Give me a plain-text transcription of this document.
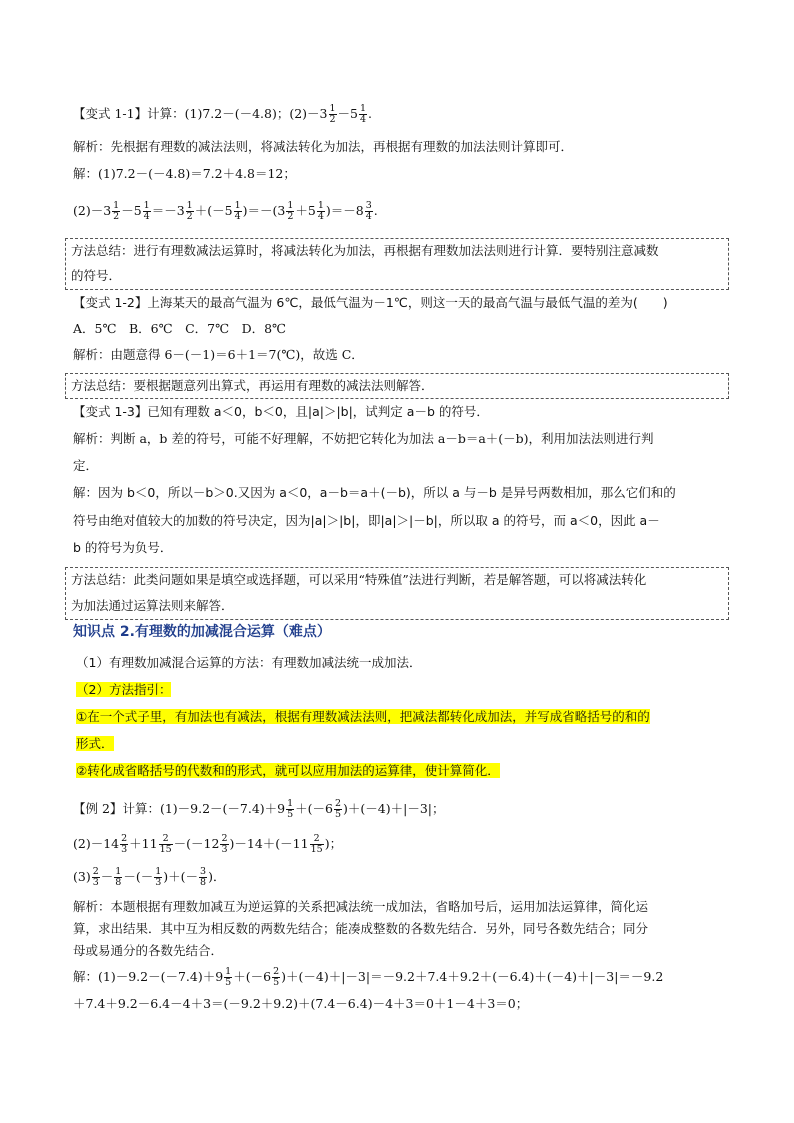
【变式 1-1】计算：(1)7.2－(－4.8)；$(2)-3 \frac{1}{2} -5 \frac{1}{4}$ .
解析：先根据有理数的减法法则，将减法转化为加法，再根据有理数的加法法则计算即可．
解：(1)7.2－(－4.8)＝7.2＋4.8＝12；
$(2)-3 \frac{1}{2} -5 \frac{1}{4} =-3 \frac{1}{2} +(-5 \frac{1}{4} )=-(3 \frac{1}{2} +5 \frac{1}{4} )=-8 \frac{3}{4}$ .
方法总结：进行有理数减法运算时，将减法转化为加法，再根据有理数加法法则进行计算．要特别注意减数
的符号．
【变式 1-2】上海某天的最高气温为 6℃，最低气温为－1℃，则这一天的最高气温与最低气温的差为(　　)
A．5℃　B．6℃　C．7℃　D．8℃
解析：由题意得 6－(－1)＝6＋1＝7(℃)，故选 C．
方法总结：要根据题意列出算式，再运用有理数的减法法则解答．
【变式 1-3】已知有理数 a＜0，b＜0，且|a|＞|b|，试判定 a－b 的符号．
解析：判断 a，b 差的符号，可能不好理解，不妨把它转化为加法 a－b＝a＋(－b)，利用加法法则进行判
定．
解：因为 b＜0，所以－b＞0.又因为 a＜0，a－b＝a＋(－b)，所以 a 与－b 是异号两数相加，那么它们和的
符号由绝对值较大的加数的符号决定，因为|a|＞|b|，即|a|＞|－b|，所以取 a 的符号，而 a＜0，因此 a－
b 的符号为负号．
方法总结：此类问题如果是填空或选择题，可以采用“特殊值”法进行判断，若是解答题，可以将减法转化
为加法通过运算法则来解答．
知识点 2.有理数的加减混合运算（难点）
（1）有理数加减混合运算的方法：有理数加减法统一成加法．
（2）方法指引：
①在一个式子里，有加法也有减法，根据有理数减法法则，把减法都转化成加法，并写成省略括号的和的
形式．
②转化成省略括号的代数和的形式，就可以应用加法的运算律，使计算简化．
【例 2】计算：$(1)-9.2-(-7.4)+9 \frac{1}{5} +(-6 \frac{2}{5} )+(-4)+|-3|$；
$(2)-14 \frac{2}{3} +11 \frac{2}{15} -(-12 \frac{2}{3} )-14+(-11 \frac{2}{15}$ )；
$(3) \frac{2}{3} - \frac{1}{8}$ －(－ $\frac{1}{3}$ )＋(－ $\frac{3}{8}$ )．
解析：本题根据有理数加减互为逆运算的关系把减法统一成加法，省略加号后，运用加法运算律，简化运
算，求出结果．其中互为相反数的两数先结合；能凑成整数的各数先结合．另外，同号各数先结合；同分
母或易通分的各数先结合．
解：$(1)-9.2-(-7.4)+9 \frac{1}{5} +(-6 \frac{2}{5} )+(-4)+|-3|=-9.2+7.4+9.2+(-6.4)+(-4)+|-3|=-9.2$
＋7.4＋9.2－6.4－4＋3＝(－9.2＋9.2)＋(7.4－6.4)－4＋3＝0＋1－4＋3＝0；
